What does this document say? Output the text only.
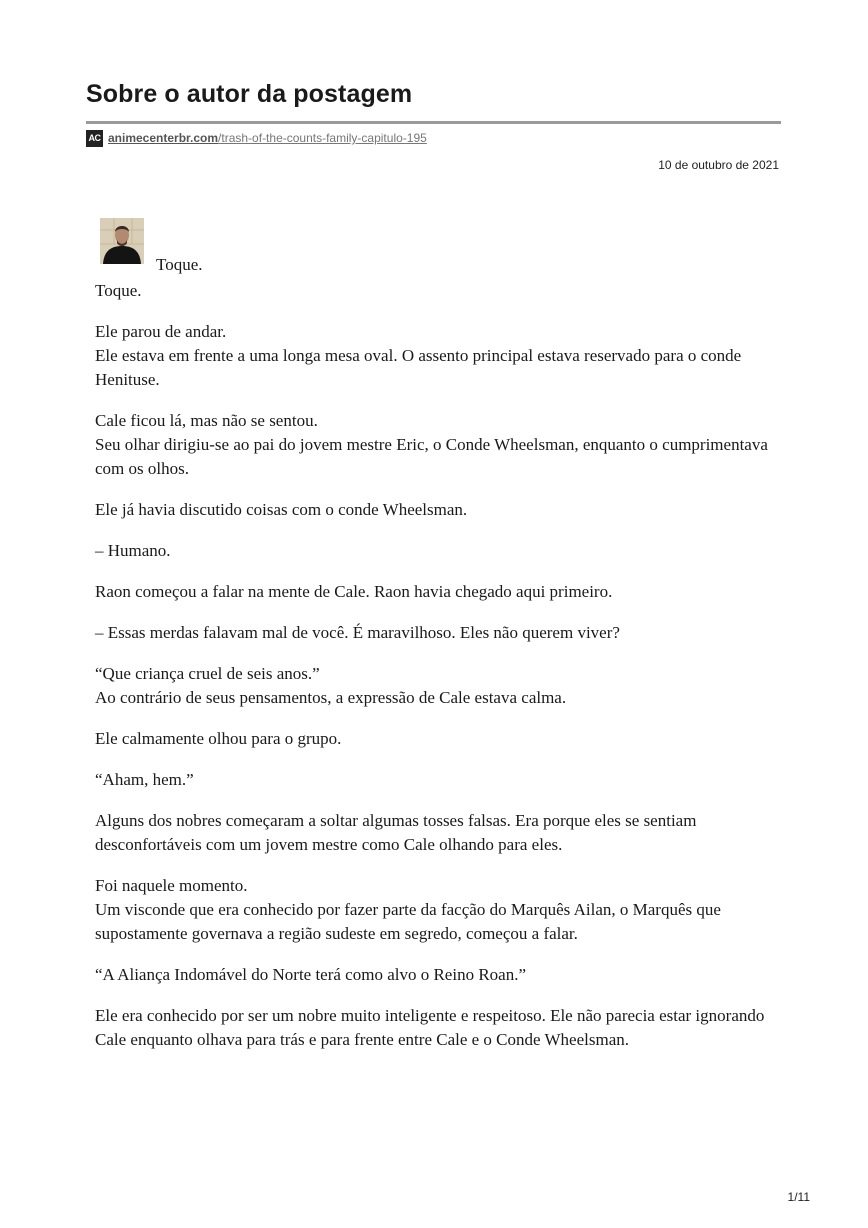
Sobre o autor da postagem
AC animecenterbr.com/trash-of-the-counts-family-capitulo-195
10 de outubro de 2021
Toque.

Toque.

Ele parou de andar.
Ele estava em frente a uma longa mesa oval. O assento principal estava reservado para o conde Henituse.

Cale ficou lá, mas não se sentou.
Seu olhar dirigiu-se ao pai do jovem mestre Eric, o Conde Wheelsman, enquanto o cumprimentava com os olhos.

Ele já havia discutido coisas com o conde Wheelsman.

– Humano.

Raon começou a falar na mente de Cale. Raon havia chegado aqui primeiro.

– Essas merdas falavam mal de você. É maravilhoso. Eles não querem viver?

“Que criança cruel de seis anos.”
Ao contrário de seus pensamentos, a expressão de Cale estava calma.

Ele calmamente olhou para o grupo.

“Aham, hem.”

Alguns dos nobres começaram a soltar algumas tosses falsas. Era porque eles se sentiam desconfortáveis com um jovem mestre como Cale olhando para eles.

Foi naquele momento.
Um visconde que era conhecido por fazer parte da facção do Marquês Ailan, o Marquês que supostamente governava a região sudeste em segredo, começou a falar.

“A Aliança Indomável do Norte terá como alvo o Reino Roan.”

Ele era conhecido por ser um nobre muito inteligente e respeitoso. Ele não parecia estar ignorando Cale enquanto olhava para trás e para frente entre Cale e o Conde Wheelsman.

1/11
